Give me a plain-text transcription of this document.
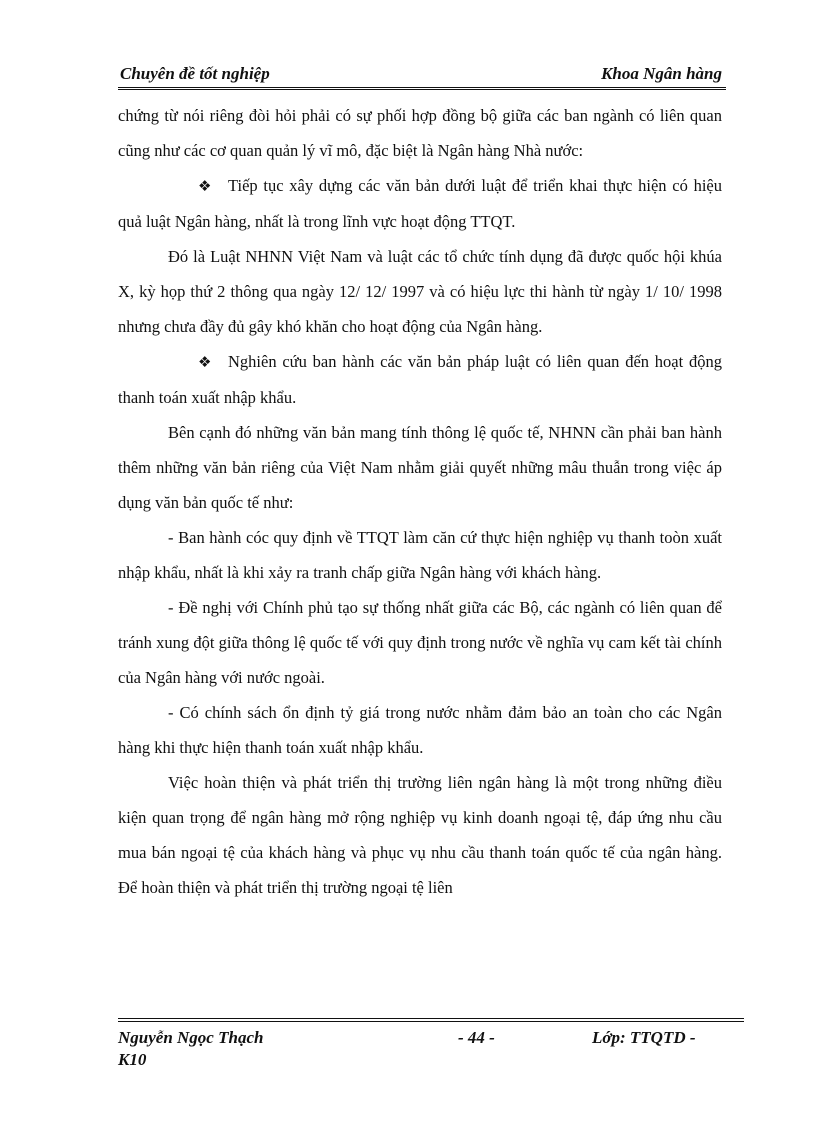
Chuyên đề tốt nghiệp	Khoa Ngân hàng

chứng từ nói riêng đòi hỏi phải có sự phối hợp đồng bộ giữa các ban ngành có liên quan cũng như các cơ quan quản lý vĩ mô, đặc biệt là Ngân hàng Nhà nước:

❖ Tiếp tục xây dựng các văn bản dưới luật để triển khai thực hiện có hiệu quả luật Ngân hàng, nhất là trong lĩnh vực hoạt động TTQT.

Đó là Luật NHNN Việt Nam và luật các tổ chức tính dụng đã được quốc hội khúa X, kỳ họp thứ 2 thông qua ngày 12/ 12/ 1997 và có hiệu lực thi hành từ ngày 1/ 10/ 1998 nhưng chưa đầy đủ gây khó khăn cho hoạt động của Ngân hàng.

❖ Nghiên cứu ban hành các văn bản pháp luật có liên quan đến hoạt động thanh toán xuất nhập khẩu.

Bên cạnh đó những văn bản mang tính thông lệ quốc tế, NHNN cần phải ban hành thêm những văn bản riêng của Việt Nam nhằm giải quyết những mâu thuẫn trong việc áp dụng văn bản quốc tế như:

- Ban hành cóc quy định về TTQT làm căn cứ thực hiện nghiệp vụ thanh toòn xuất nhập khẩu, nhất là khi xảy ra tranh chấp giữa Ngân hàng với khách hàng.

- Đề nghị với Chính phủ tạo sự thống nhất giữa các Bộ, các ngành có liên quan để tránh xung đột giữa thông lệ quốc tế với quy định trong nước về nghĩa vụ cam kết tài chính của Ngân hàng với nước ngoài.

- Có chính sách ổn định tỷ giá trong nước nhằm đảm bảo an toàn cho các Ngân hàng khi thực hiện thanh toán xuất nhập khẩu.

Việc hoàn thiện và phát triển thị trường liên ngân hàng là một trong những điều kiện quan trọng để ngân hàng mở rộng nghiệp vụ kinh doanh ngoại tệ, đáp ứng nhu cầu mua bán ngoại tệ của khách hàng và phục vụ nhu cầu thanh toán quốc tế của ngân hàng. Để hoàn thiện và phát triển thị trường ngoại tệ liên

Nguyễn Ngọc Thạch
K10
- 44 -	Lớp: TTQTD -
